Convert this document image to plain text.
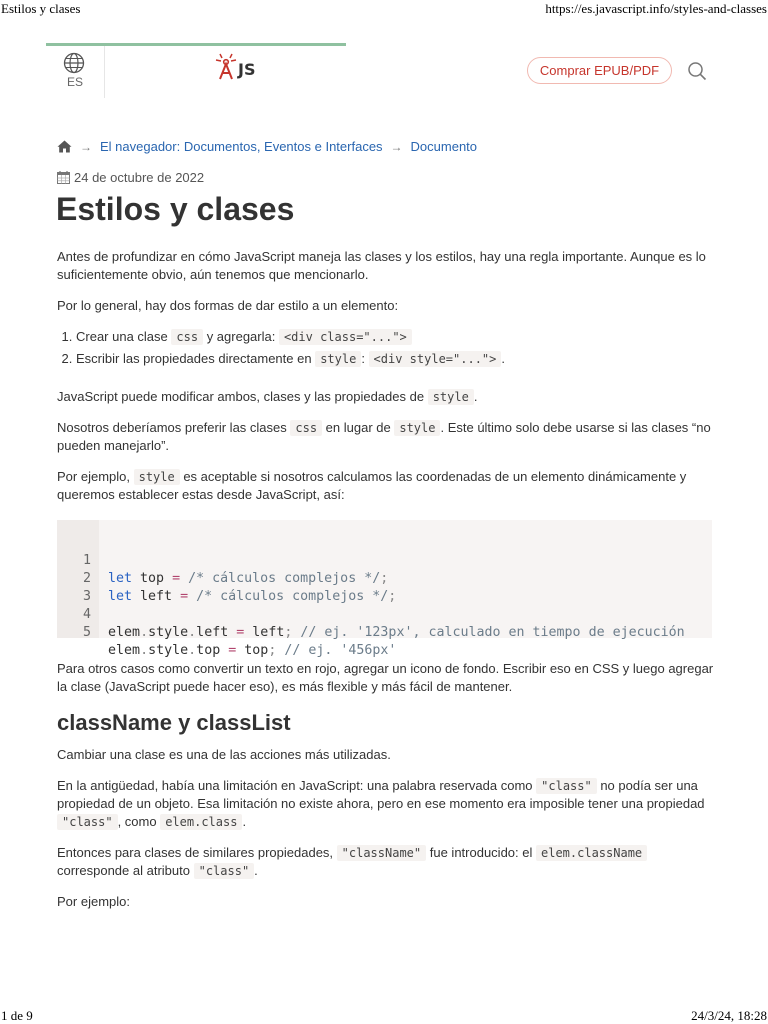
Estilos y clases	https://es.javascript.info/styles-and-classes
ES
JS	Comprar EPUB/PDF
→ El navegador: Documentos, Eventos e Interfaces → Documento
24 de octubre de 2022
Estilos y clases

Antes de profundizar en cómo JavaScript maneja las clases y los estilos, hay una regla importante. Aunque es lo suficientemente obvio, aún tenemos que mencionarlo.

Por lo general, hay dos formas de dar estilo a un elemento:

1. Crear una clase css y agregarla: <div class="...">
2. Escribir las propiedades directamente en style : <div style="..."> .

JavaScript puede modificar ambos, clases y las propiedades de style .

Nosotros deberíamos preferir las clases css en lugar de style . Este último solo debe usarse si las clases “no pueden manejarlo”.

Por ejemplo, style es aceptable si nosotros calculamos las coordenadas de un elemento dinámicamente y queremos establecer estas desde JavaScript, así:

1

let top = /* cálculos complejos */;

2

let left = /* cálculos complejos */;

3

4

elem.style.left = left; // ej. '123px', calculado en tiempo de ejecución

5

elem.style.top = top; // ej. '456px'

Para otros casos como convertir un texto en rojo, agregar un icono de fondo. Escribir eso en CSS y luego agregar la clase (JavaScript puede hacer eso), es más flexible y más fácil de mantener.

className y classList

Cambiar una clase es una de las acciones más utilizadas.

En la antigüedad, había una limitación en JavaScript: una palabra reservada como "class" no podía ser una propiedad de un objeto. Esa limitación no existe ahora, pero en ese momento era imposible tener una propiedad "class" , como elem.class .

Entonces para clases de similares propiedades, "className" fue introducido: el elem.className corresponde al atributo "class" .

Por ejemplo:

1 de 9	24/3/24, 18:28
